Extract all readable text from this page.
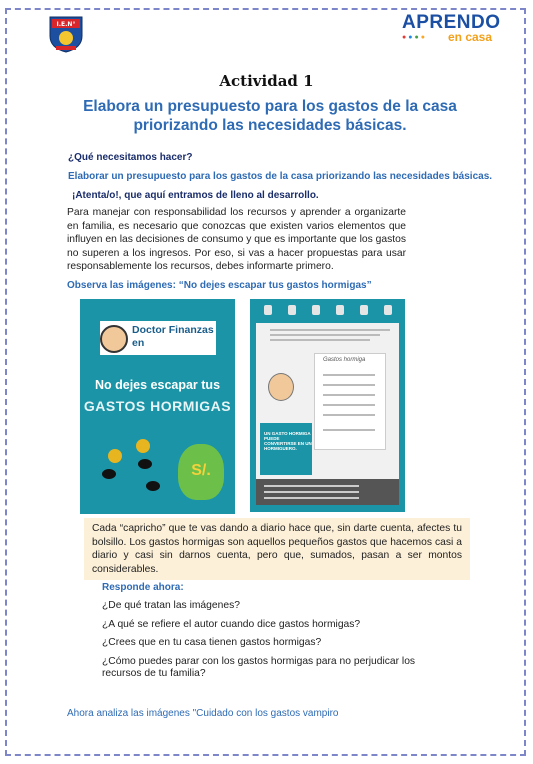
I.E.N°	APRENDO
●●●● en casa
Actividad 1
Elabora un presupuesto para los gastos de la casa priorizando las necesidades básicas.
¿Qué necesitamos hacer?
Elaborar un presupuesto para los gastos de la casa priorizando las necesidades básicas.
¡Atenta/o!, que aquí entramos de lleno al desarrollo.
Para manejar con responsabilidad los recursos y aprender a organizarte en familia, es necesario que conozcas que existen varios elementos que influyen en las decisiones de consumo y que es importante que los gastos no superen a los ingresos. Por eso, si vas a hacer propuestas para usar responsablemente los recursos, debes informarte primero.
Observa las imágenes: “No dejes escapar tus gastos hormigas”
Doctor Finanzas en
No dejes escapar tus
GASTOS HORMIGAS
S/.
Gastos hormiga
UN GASTO HORMIGA PUEDE CONVERTIRSE EN UN HORMIGUERO.
Cada “capricho” que te vas dando a diario hace que, sin darte cuenta, afectes tu bolsillo. Los gastos hormigas son aquellos pequeños gastos que hacemos casi a diario y casi sin darnos cuenta, pero que, sumados, pasan a ser montos considerables.
Responde ahora:
¿De qué tratan las imágenes?
¿A qué se refiere el autor cuando dice gastos hormigas?
¿Crees que en tu casa tienen gastos hormigas?
¿Cómo puedes parar con los gastos hormigas para no perjudicar los recursos de tu familia?
Ahora analiza las imágenes "Cuidado con los gastos vampiro
